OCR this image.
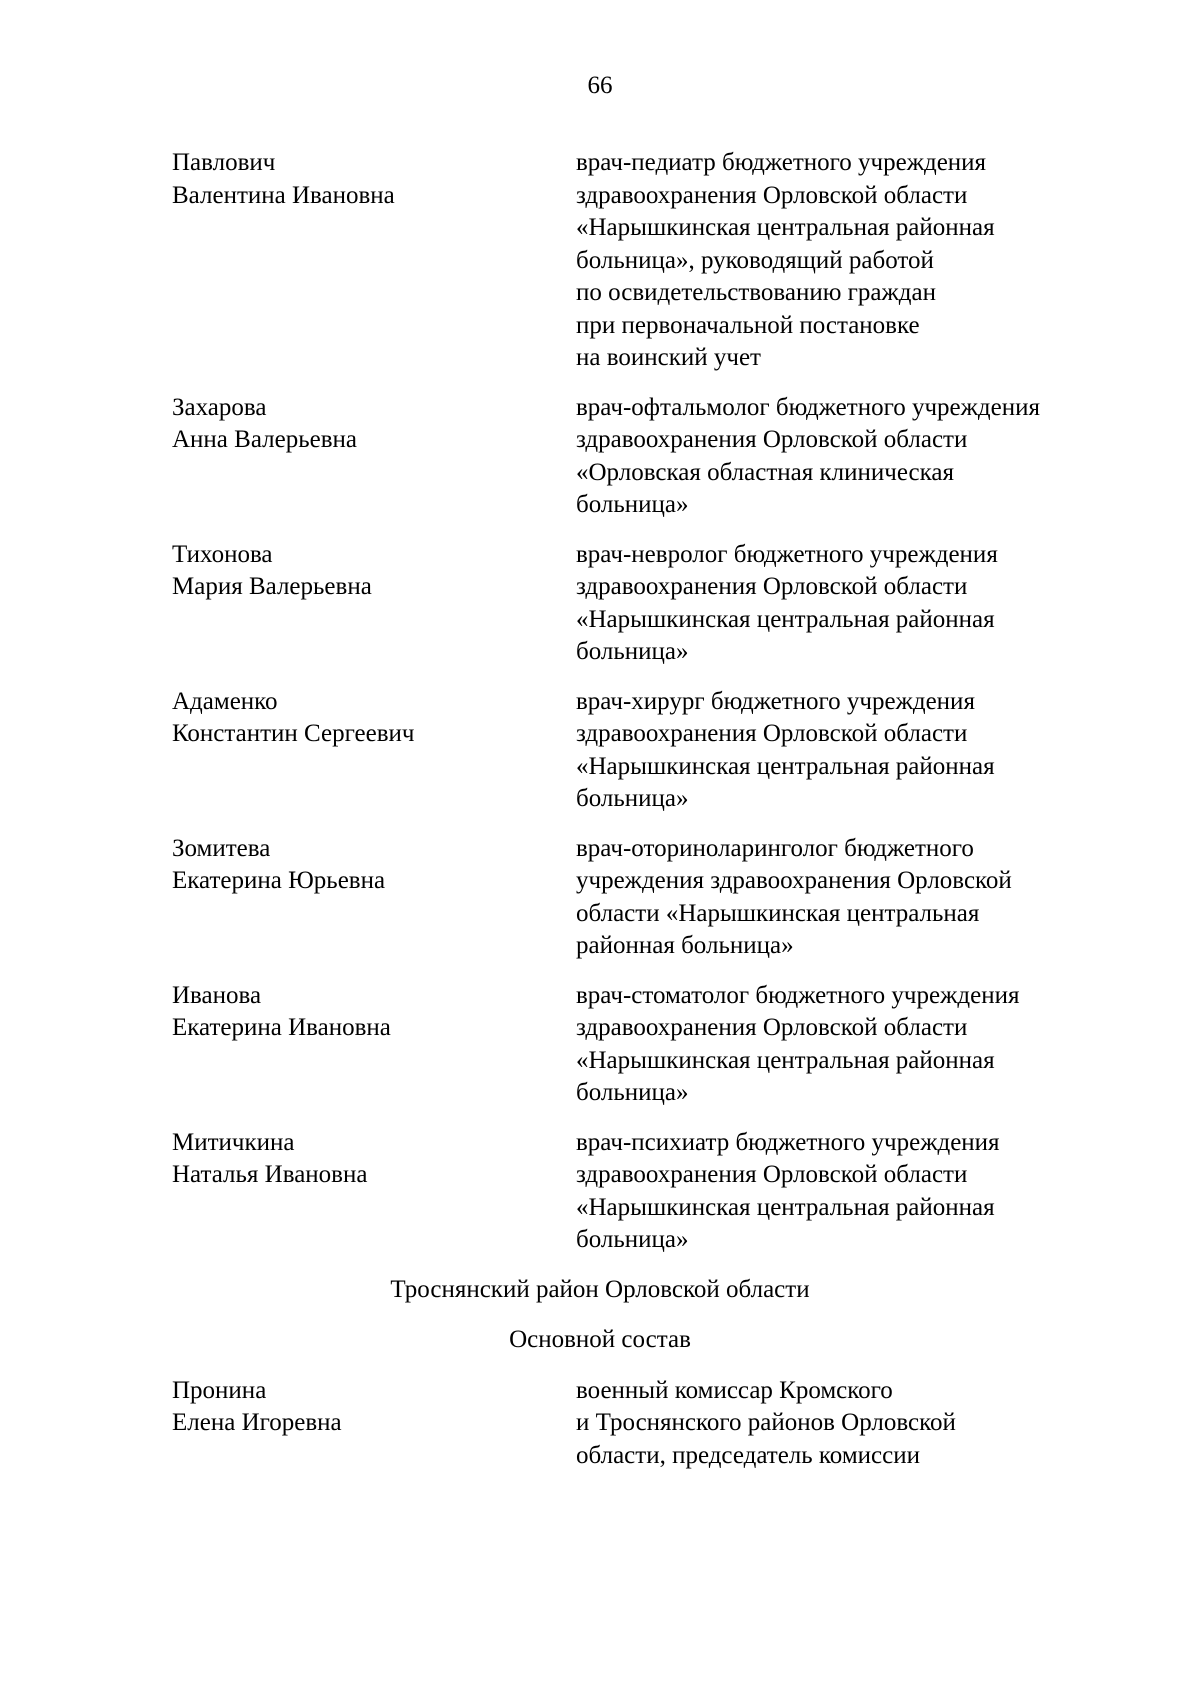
66
Павлович
Валентина Ивановна
врач-педиатр бюджетного учреждения
здравоохранения Орловской области
«Нарышкинская центральная районная
больница», руководящий работой
по освидетельствованию граждан
при первоначальной постановке
на воинский учет
Захарова
Анна Валерьевна
врач-офтальмолог бюджетного учреждения
здравоохранения Орловской области
«Орловская областная клиническая
больница»
Тихонова
Мария Валерьевна
врач-невролог бюджетного учреждения
здравоохранения Орловской области
«Нарышкинская центральная районная
больница»
Адаменко
Константин Сергеевич
врач-хирург бюджетного учреждения
здравоохранения Орловской области
«Нарышкинская центральная районная
больница»
Зомитева
Екатерина Юрьевна
врач-оториноларинголог бюджетного
учреждения здравоохранения Орловской
области «Нарышкинская центральная
районная больница»
Иванова
Екатерина Ивановна
врач-стоматолог бюджетного учреждения
здравоохранения Орловской области
«Нарышкинская центральная районная
больница»
Митичкина
Наталья Ивановна
врач-психиатр бюджетного учреждения
здравоохранения Орловской области
«Нарышкинская центральная районная
больница»
Троснянский район Орловской области
Основной состав
Пронина
Елена Игоревна
военный комиссар Кромского
и Троснянского районов Орловской
области, председатель комиссии
